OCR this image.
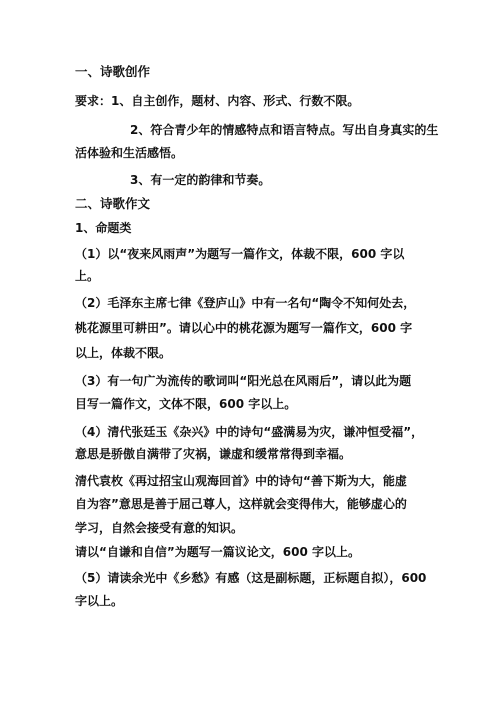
一、诗歌创作
要求：1、自主创作，题材、内容、形式、行数不限。
2、符合青少年的情感特点和语言特点。写出自身真实的生
活体验和生活感悟。
3、有一定的韵律和节奏。
二、诗歌作文
1、命题类
（1）以“夜来风雨声”为题写一篇作文，体裁不限，600 字以
上。
（2）毛泽东主席七律《登庐山》中有一名句“陶令不知何处去，
桃花源里可耕田”。请以心中的桃花源为题写一篇作文，600 字
以上，体裁不限。
（3）有一句广为流传的歌词叫“阳光总在风雨后”，请以此为题
目写一篇作文，文体不限，600 字以上。
（4）清代张廷玉《杂兴》中的诗句“盛满易为灾，谦冲恒受福”，
意思是骄傲自满带了灾祸，谦虚和缓常常得到幸福。
清代袁枚《再过招宝山观海回首》中的诗句“善下斯为大，能虚
自为容”意思是善于屈己尊人，这样就会变得伟大，能够虚心的
学习，自然会接受有意的知识。
请以“自谦和自信”为题写一篇议论文，600 字以上。
（5）请读余光中《乡愁》有感（这是副标题，正标题自拟），600
字以上。
